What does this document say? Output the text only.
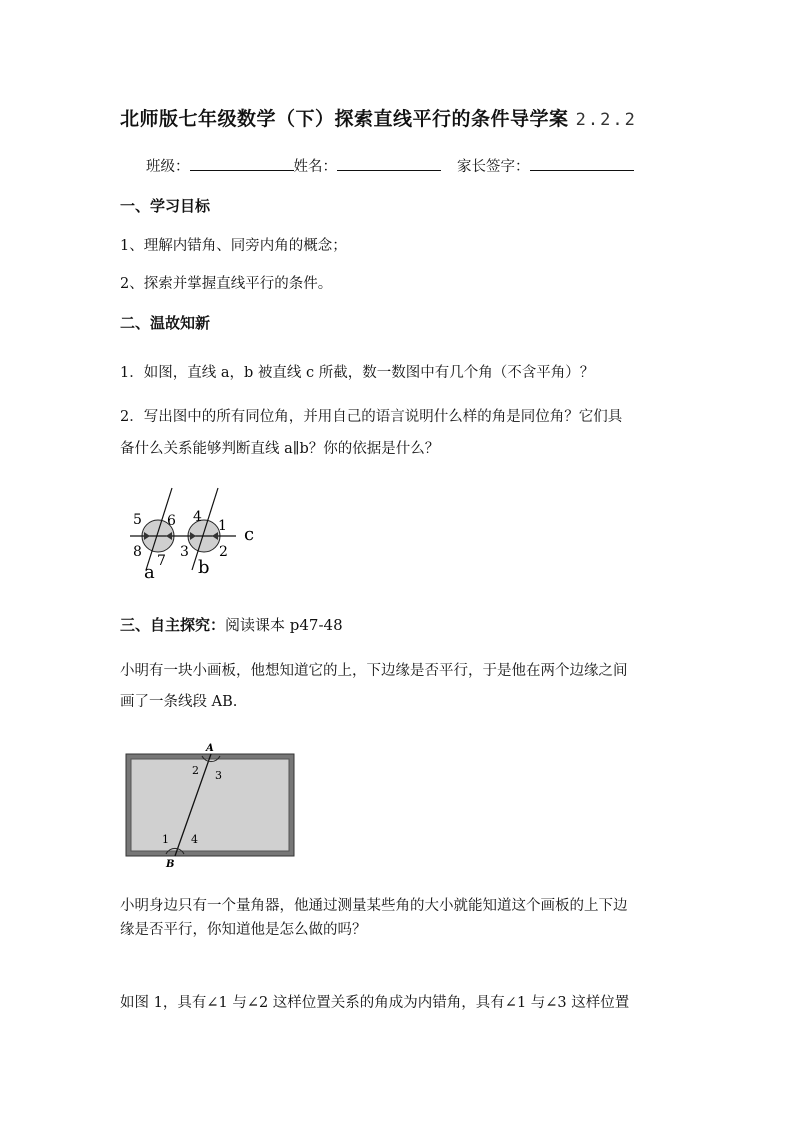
北师版七年级数学（下）探索直线平行的条件导学案 2.2.2
班级：	姓名：	家长签字：
一、学习目标
1、理解内错角、同旁内角的概念；
2、探索并掌握直线平行的条件。
二、温故知新
1．如图，直线 a，b 被直线 c 所截，数一数图中有几个角（不含平角）？
2．写出图中的所有同位角，并用自己的语言说明什么样的角是同位角？它们具
备什么关系能够判断直线 a∥b？你的依据是什么？
5 6
8
7
4
1
3 2
a b
c
三、自主探究：阅读课本 p47-48
小明有一块小画板，他想知道它的上，下边缘是否平行，于是他在两个边缘之间
画了一条线段 AB.
A
B
1
2 3
4
小明身边只有一个量角器，他通过测量某些角的大小就能知道这个画板的上下边
缘是否平行，你知道他是怎么做的吗？
如图 1，具有∠1 与∠2 这样位置关系的角成为内错角，具有∠1 与∠3 这样位置
